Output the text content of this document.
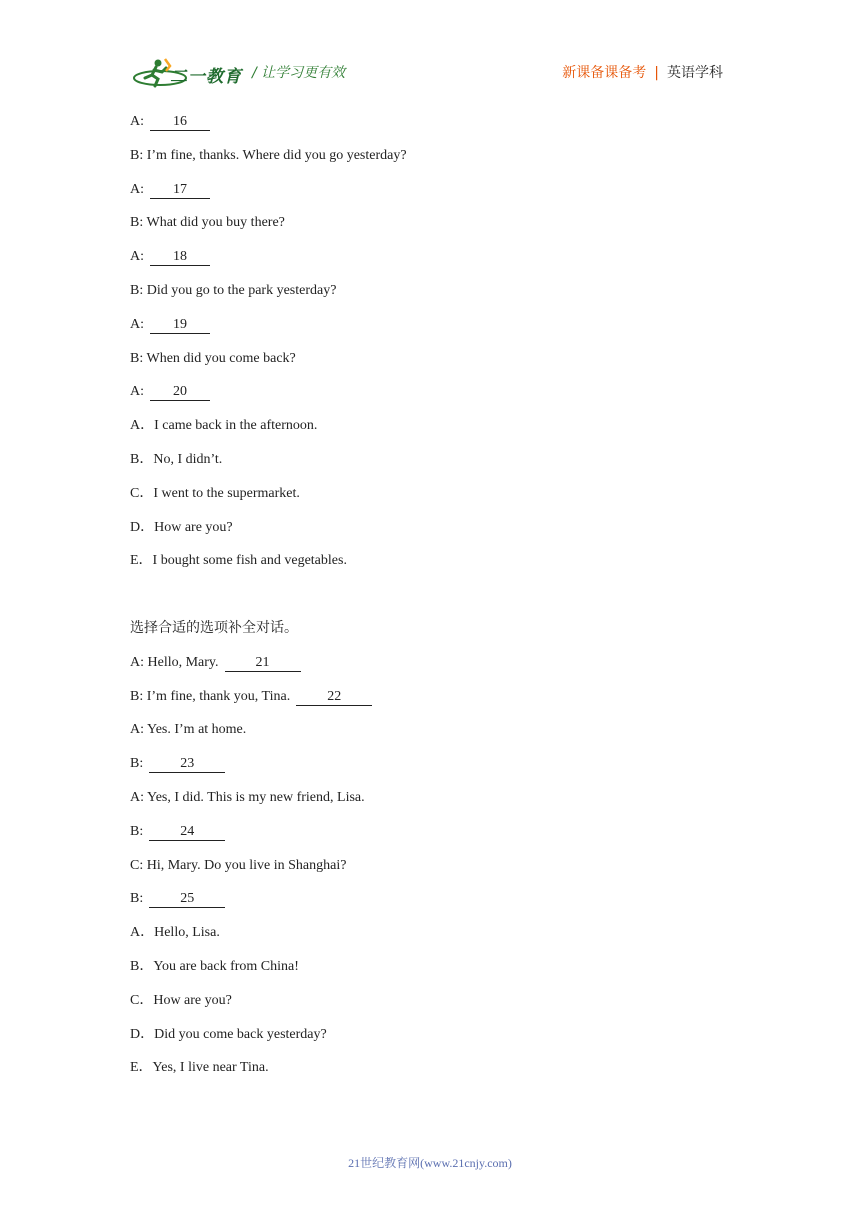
二一教育 / 让学习更有效	新课备课备考 | 英语学科
A: 16
B: I’m fine, thanks. Where did you go yesterday?
A: 17
B: What did you buy there?
A: 18
B: Did you go to the park yesterday?
A: 19
B: When did you come back?
A: 20
A．I came back in the afternoon.
B．No, I didn’t.
C．I went to the supermarket.
D．How are you?
E．I bought some fish and vegetables.
选择合适的选项补全对话。
A: Hello, Mary.	21
B: I’m fine, thank you, Tina.	22
A: Yes. I’m at home.
B:	23
A: Yes, I did. This is my new friend, Lisa.
B:	24
C: Hi, Mary. Do you live in Shanghai?
B:	25
A．Hello, Lisa.
B．You are back from China!
C．How are you?
D．Did you come back yesterday?
E．Yes, I live near Tina.
21世纪教育网(www.21cnjy.com)
